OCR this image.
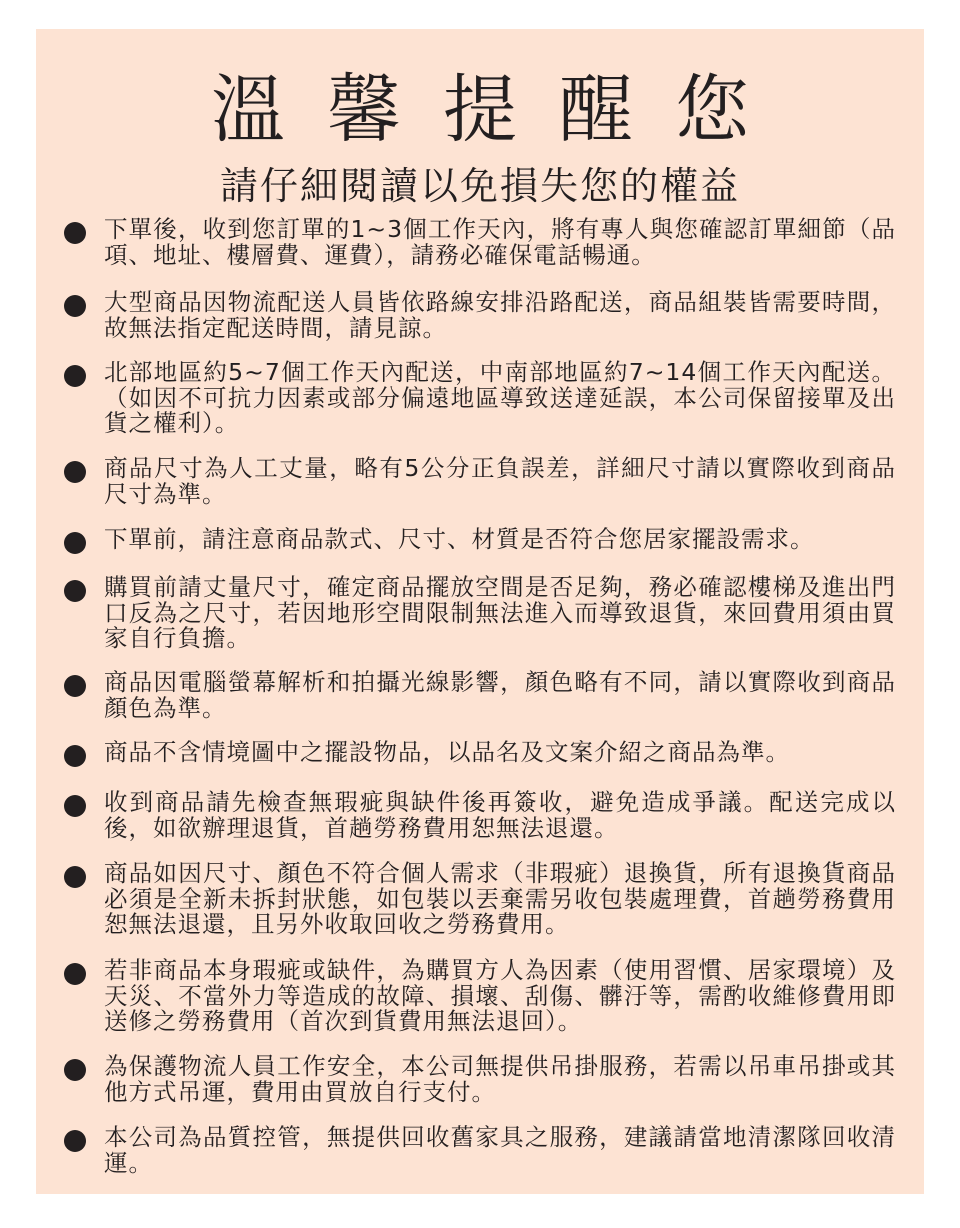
溫馨提醒您
請仔細閱讀以免損失您的權益
下單後，收到您訂單的1~3個工作天內，將有專人與您確認訂單細節（品項、地址、樓層費、運費），請務必確保電話暢通。
大型商品因物流配送人員皆依路線安排沿路配送，商品組裝皆需要時間，故無法指定配送時間，請見諒。
北部地區約5~7個工作天內配送，中南部地區約7~14個工作天內配送。（如因不可抗力因素或部分偏遠地區導致送達延誤，本公司保留接單及出貨之權利）。
商品尺寸為人工丈量，略有5公分正負誤差，詳細尺寸請以實際收到商品尺寸為準。
下單前，請注意商品款式、尺寸、材質是否符合您居家擺設需求。
購買前請丈量尺寸，確定商品擺放空間是否足夠，務必確認樓梯及進出門口反為之尺寸，若因地形空間限制無法進入而導致退貨，來回費用須由買家自行負擔。
商品因電腦螢幕解析和拍攝光線影響，顏色略有不同，請以實際收到商品顏色為準。
商品不含情境圖中之擺設物品，以品名及文案介紹之商品為準。
收到商品請先檢查無瑕疵與缺件後再簽收，避免造成爭議。配送完成以後，如欲辦理退貨，首趟勞務費用恕無法退還。
商品如因尺寸、顏色不符合個人需求（非瑕疵）退換貨，所有退換貨商品必須是全新未拆封狀態，如包裝以丟棄需另收包裝處理費，首趟勞務費用恕無法退還，且另外收取回收之勞務費用。
若非商品本身瑕疵或缺件，為購買方人為因素（使用習慣、居家環境）及天災、不當外力等造成的故障、損壞、刮傷、髒汙等，需酌收維修費用即送修之勞務費用（首次到貨費用無法退回）。
為保護物流人員工作安全，本公司無提供吊掛服務，若需以吊車吊掛或其他方式吊運，費用由買放自行支付。
本公司為品質控管，無提供回收舊家具之服務，建議請當地清潔隊回收清運。
